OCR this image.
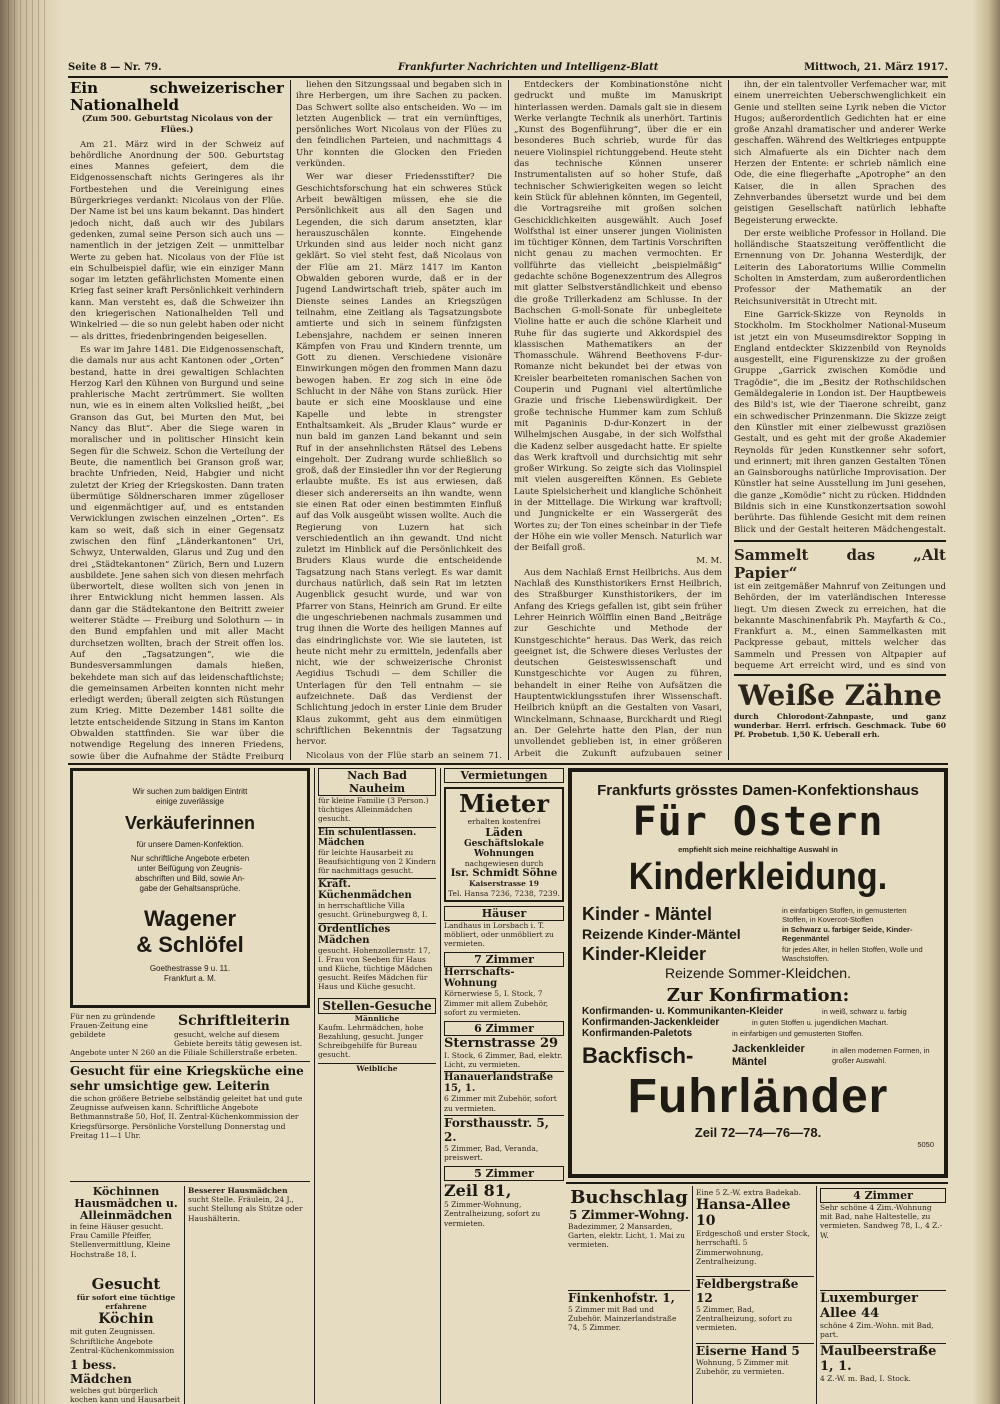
Seite 8 — Nr. 79.	Frankfurter Nachrichten und Intelligenz-Blatt	Mittwoch, 21. März 1917.
Ein schweizerischer Nationalheld
(Zum 500. Geburtstag Nicolaus von der Flües.)

Am 21. März wird in der Schweiz auf behördliche Anordnung der 500. Geburtstag eines Mannes gefeiert, dem die Eidgenossenschaft nichts Geringeres als ihr Fortbestehen und die Vereinigung eines Bürgerkrieges verdankt: Nicolaus von der Flüe. Der Name ist bei uns kaum bekannt. Das hindert jedoch nicht, daß auch wir des Jubilars gedenken, zumal seine Person sich auch uns — namentlich in der jetzigen Zeit — unmittelbar Werte zu geben hat. Nicolaus von der Flüe ist ein Schulbeispiel dafür, wie ein einziger Mann sogar im letzten gefährlichsten Momente einen Krieg fast seiner kraft Persönlichkeit verhindern kann. Man versteht es, daß die Schweizer ihn den kriegerischen Nationalhelden Tell und Winkelried — die so nun gelebt haben oder nicht — als drittes, friedenbringenden beigesellen.

Es war im Jahre 1481. Die Eidgenossenschaft, die damals nur aus acht Kantonen oder „Orten“ bestand, hatte in drei gewaltigen Schlachten Herzog Karl den Kühnen von Burgund und seine prahlerische Macht zertrümmert. Sie wollten nun, wie es in einem alten Volkslied heißt, „bei Granson das Gut, bei Murten den Mut, bei Nancy das Blut“. Aber die Siege waren in moralischer und in politischer Hinsicht kein Segen für die Schweiz. Schon die Verteilung der Beute, die namentlich bei Granson groß war, brachte Unfrieden, Neid, Habgier und nicht zuletzt der Krieg der Kriegskosten. Dann traten übermütige Söldnerscharen immer zügelloser und eigenmächtiger auf, und es entstanden Verwicklungen zwischen einzelnen „Orten“. Es kam so weit, daß sich in einer Gegensatz zwischen den fünf „Länderkantonen“ Uri, Schwyz, Unterwalden, Glarus und Zug und den drei „Städtekantonen“ Zürich, Bern und Luzern ausbildete. Jene sahen sich von diesen mehrfach überwortelt, diese wollten sich von jenen in ihrer Entwicklung nicht hemmen lassen. Als dann gar die Städtekantone den Beitritt zweier weiterer Städte — Freiburg und Solothurn — in den Bund empfahlen und mit aller Macht durchsetzen wollten, brach der Streit offen los. Auf den „Tagsatzungen“, wie die Bundesversammlungen damals hießen, bekehdete man sich auf das leidenschaftlichste; die gemeinsamen Arbeiten konnten nicht mehr erledigt werden; überall zeigten sich Rüstungen zum Krieg. Mitte Dezember 1481 sollte die letzte entscheidende Sitzung in Stans im Kanton Obwalden stattfinden. Sie war über die notwendige Regelung des inneren Friedens, sowie über die Aufnahme der Städte Freiburg

liehen den Sitzungssaal und begaben sich in ihre Herbergen, um ihre Sachen zu packen. Das Schwert sollte also entscheiden. Wo — im letzten Augenblick — trat ein vernünftiges, persönliches Wort Nicolaus von der Flües zu den feindlichen Parteien, und nachmittags 4 Uhr konnten die Glocken den Frieden verkünden.

Wer war dieser Friedensstifter? Die Geschichtsforschung hat ein schweres Stück Arbeit bewältigen müssen, ehe sie die Persönlichkeit aus all den Sagen und Legenden, die sich darum ansetzten, klar herauszuschälen konnte. Eingehende Urkunden sind aus leider noch nicht ganz geklärt. So viel steht fest, daß Nicolaus von der Flüe am 21. März 1417 im Kanton Obwalden geboren wurde, daß er in der Jugend Landwirtschaft trieb, später auch im Dienste seines Landes an Kriegszügen teilnahm, eine Zeitlang als Tagsatzungsbote amtierte und sich in seinem fünfzigsten Lebensjahre, nachdem er seinen inneren Kämpfen von Frau und Kindern trennte, um Gott zu dienen. Verschiedene visionäre Einwirkungen mögen den frommen Mann dazu bewogen haben. Er zog sich in eine öde Schlucht in der Nähe von Stans zurück. Hier baute er sich eine Moosklause und eine Kapelle und lebte in strengster Enthaltsamkeit. Als „Bruder Klaus“ wurde er nun bald im ganzen Land bekannt und sein Ruf in der ansehnlichsten Rätsel des Lebens eingeholt. Der Zudrang wurde schließlich so groß, daß der Einsiedler ihn vor der Regierung erlaubte mußte. Es ist aus erwiesen, daß dieser sich andererseits an ihn wandte, wenn sie einen Rat oder einen bestimmten Einfluß auf das Volk ausgeübt wissen wollte. Auch die Regierung von Luzern hat sich verschiedentlich an ihn gewandt. Und nicht zuletzt im Hinblick auf die Persönlichkeit des Bruders Klaus wurde die entscheidende Tagsatzung nach Stans verlegt. Es war damit durchaus natürlich, daß sein Rat im letzten Augenblick gesucht wurde, und war von Pfarrer von Stans, Heinrich am Grund. Er eilte die ungeschriebenen nachmals zusammen und trug ihnen die Worte des heiligen Mannes auf das eindringlichste vor. Wie sie lauteten, ist heute nicht mehr zu ermitteln, jedenfalls aber nicht, wie der schweizerische Chronist Aegidius Tschudi — dem Schiller die Unterlagen für den Tell entnahm — sie aufzeichnete. Daß das Verdienst der Schlichtung jedoch in erster Linie dem Bruder Klaus zukommt, geht aus dem einmütigen schriftlichen Bekenntnis der Tagsatzung hervor.

Nicolaus von der Flüe starb an seinem 71.

Entdeckers der Kombinationstöne nicht gedruckt und mußte im Manuskript hinterlassen werden. Damals galt sie in diesem Werke verlangte Technik als unerhört. Tartinis „Kunst des Bogenführung“, über die er ein besonderes Buch schrieb, wurde für das neuere Violinspiel richtunggebend. Heute steht das technische Können unserer Instrumentalisten auf so hoher Stufe, daß technischer Schwierigkeiten wegen so leicht kein Stück für ablehnen könnten, im Gegenteil, die Vortragsreihe mit großen solchen Geschicklichkeiten ausgewählt. Auch Josef Wolfsthal ist einer unserer jungen Violinisten im tüchtiger Können, dem Tartinis Vorschriften nicht genau zu machen vermochten. Er vollführte das vielleicht „beispielmäßig“ gedachte schöne Bogenexzentrum des Allegros mit glatter Selbstverständlichkeit und ebenso die große Trillerkadenz am Schlusse. In der Bachschen G-moll-Sonate für unbegleitete Violine hatte er auch die schöne Klarheit und Ruhe für das sugierte und Akkordspiel des klassischen Mathematikers an der Thomasschule. Während Beethovens F-dur-Romanze nicht bekundet bei der etwas von Kreisler bearbeiteten romanischen Sachen von Couperin und Pugnani viel altertümliche Grazie und frische Liebenswürdigkeit. Der große technische Hummer kam zum Schluß mit Paganinis D-dur-Konzert in der Wilhelmjschen Ausgabe, in der sich Wolfsthal die Kadenz selber ausgedacht hatte. Er spielte das Werk kraftvoll und durchsichtig mit sehr großer Wirkung. So zeigte sich das Violinspiel mit vielen ausgereiften Können. Es Gebiete Laute Spielsicherheit und klangliche Schönheit in der Mittellage. Die Wirkung war kraftvoll; und Jungnickelte er ein Wassergerät des Wortes zu; der Ton eines scheinbar in der Tiefe der Höhe ein wie voller Mensch. Naturlich war der Beifall groß.

M. M.

Aus dem Nachlaß Ernst Heilbrichs. Aus dem Nachlaß des Kunsthistorikers Ernst Heilbrich, des Straßburger Kunsthistorikers, der im Anfang des Kriegs gefallen ist, gibt sein früher Lehrer Heinrich Wölfflin einen Band „Beiträge zur Geschichte und Methode der Kunstgeschichte“ heraus. Das Werk, das reich geeignet ist, die Schwere dieses Verlustes der deutschen Geisteswissenschaft und Kunstgeschichte vor Augen zu führen, behandelt in einer Reihe von Aufsätzen die Hauptentwicklungsstufen ihrer Wissenschaft. Heilbrich knüpft an die Gestalten von Vasari, Winckelmann, Schnaase, Burckhardt und Riegl an. Der Gelehrte hatte den Plan, der nun unvollendet geblieben ist, in einer größeren Arbeit die Zukunft aufzubauen seiner

ihn, der ein talentvoller Verfemacher war, mit einem unerreichten Ueberschwenglichkeit ein Genie und stellten seine Lyrik neben die Victor Hugos; außerordentlich Gedichten hat er eine große Anzahl dramatischer und anderer Werke geschaffen. Während des Weltkrieges entpuppte sich Almafuerte als ein Dichter nach dem Herzen der Entente: er schrieb nämlich eine Ode, die eine fliegerhafte „Apotrophe“ an den Kaiser, die in allen Sprachen des Zehnverbandes übersetzt wurde und bei dem geistigen Gesellschaft natürlich lebhafte Begeisterung erweckte.

Der erste weibliche Professor in Holland. Die holländische Staatszeitung veröffentlicht die Ernennung von Dr. Johanna Westerdijk, der Leiterin des Laboratoriums Willie Commelin Scholten in Amsterdam, zum außerordentlichen Professor der Mathematik an der Reichsuniversität in Utrecht mit.

Eine Garrick-Skizze von Reynolds in Stockholm. Im Stockholmer National-Museum ist jetzt ein von Museumsdirektor Sopping in England entdeckter Skizzenbild von Reynolds ausgestellt, eine Figurenskizze zu der großen Gruppe „Garrick zwischen Komödie und Tragödie“, die im „Besitz der Rothschildschen Gemäldegalerie in London ist. Der Hauptbeweis des Bild's ist, wie der Tiaerone schreibt, ganz ein schwedischer Prinzenmann. Die Skizze zeigt den Künstler mit einer zielbewusst graziösen Gestalt, und es geht mit der große Akademier Reynolds für jeden Kunstkenner sehr sofort, und erinnert; mit ihren ganzen Gestalten Tönen an Gainsboroughs natürliche Improvisation. Der Künstler hat seine Ausstellung im Juni gesehen, die ganze „Komödie“ nicht zu rücken. Hiddnden Bildnis sich in eine Kunstkonzertsation sowohl berührte. Das fühlende Gesicht mit dem reinen Blick und der Gestalt heiteren Mädchengestalt.

Sammelt das „Alt Papier“
ist ein zeitgemäßer Mahnruf von Zeitungen und Behörden, der im vaterländischen Interesse liegt. Um diesen Zweck zu erreichen, hat die bekannte Maschinenfabrik Ph. Mayfarth & Co., Frankfurt a. M., einen Sammelkasten mit Packpresse gebaut, mittels welcher das Sammeln und Pressen von Altpapier auf bequeme Art erreicht wird, und es sind von
Weiße Zähne
durch Chlorodont-Zahnpaste, und ganz wunderbar. Herrl. erfrisch. Geschmack. Tube 60 Pf. Probetub. 1,50 K. Ueberall erh.
Wir suchen zum baldigen Eintritt
einige zuverlässige
Verkäuferinnen
für unsere Damen-Konfektion.
Nur schriftliche Angebote erbeten
unter Beifügung von Zeugnis-
abschriften und Bild, sowie An-
gabe der Gehaltsansprüche.
Wagener
& Schlöfel
Goethestrasse 9 u. 11.
Frankfurt a. M.
Für nen zu gründende Frauen-Zeitung eine gebildete
Schriftleiterin
gesucht, welche auf diesem Gebiete bereits tätig gewesen ist. Angebote unter N 260 an die Filiale Schillerstraße erbeten.
Gesucht für eine Kriegsküche eine sehr umsichtige gew. Leiterin
die schon größere Betriebe selbständig geleitet hat und gute Zeugnisse aufweisen kann. Schriftliche Angebote Bethmannstraße 50, Hof, II. Zentral-Küchenkommission der Kriegsfürsorge. Persönliche Vorstellung Donnerstag und Freitag 11—1 Uhr.
Köchinnen
Hausmädchen u.
Alleinmädchen
in feine Häuser gesucht. Frau Camille Pfeiffer, Stellenvermittlung, Kleine Hochstraße 18, I.
Gesucht
für sofort eine tüchtige erfahrene
Köchin
mit guten Zeugnissen. Schriftliche Angebote Zentral-Küchenkommission
1 bess. Mädchen
welches gut bürgerlich kochen kann und Hausarbeit
Besserer Hausmädchen
sucht Stelle. Fräulein, 24 J., sucht Stellung als Stütze oder Haushälterin.
Nach Bad Nauheim
für kleine Familie (3 Person.) tüchtiges Alleinmädchen gesucht.
Ein schulentlassen. Mädchen
für leichte Hausarbeit zu Beaufsichtigung von 2 Kindern für nachmittags gesucht.
Kräft. Küchenmädchen
in herrschaftliche Villa gesucht. Grüneburgweg 8, I.
Ordentliches Mädchen
gesucht. Hohenzollernstr. 17, I. Frau von Seeben für Haus und Küche, tüchtige Mädchen gesucht. Reifes Mädchen für Haus und Küche gesucht.
Stellen-Gesuche
Männliche
Kaufm. Lehrmädchen, hohe Bezahlung, gesucht. Junger Schreibgehilfe für Bureau gesucht.
Weibliche
Vermietungen
Mieter
erhalten kostenfrei
Läden
Geschäftslokale
Wohnungen
nachgewiesen durch
Isr. Schmidt Söhne
Kaiserstrasse 19
Tel. Hansa 7236, 7238, 7239.
Häuser
Landhaus in Lorsbach i. T. möbliert, oder unmöbliert zu vermieten.
7 Zimmer
Herrschafts-Wohnung
Körnerwiese 5, I. Stock, 7 Zimmer mit allem Zubehör, sofort zu vermieten.
6 Zimmer
Sternstrasse 29
I. Stock, 6 Zimmer, Bad, elektr. Licht, zu vermieten.
Hanauerlandstraße 15, 1.
6 Zimmer mit Zubehör, sofort zu vermieten.
Forsthausstr. 5, 2.
5 Zimmer, Bad, Veranda, preiswert.
5 Zimmer
Zeil 81,
5 Zimmer-Wohnung, Zentralheizung, sofort zu vermieten.
Frankfurts grösstes Damen-Konfektionshaus
Für Ostern
empfiehlt sich meine reichhaltige Auswahl in
Kinderkleidung.
Kinder - Mäntel	in einfarbigen Stoffen, in gemusterten Stoffen, in Kovercot-Stoffen
Reizende Kinder-Mäntel	in Schwarz u. farbiger Seide, Kinder-Regenmäntel
Kinder-Kleider	für jedes Alter, in hellen Stoffen, Wolle und Waschstoffen.
Reizende Sommer-Kleidchen.
Zur Konfirmation:
Konfirmanden- u. Kommunikanten-Kleider	in weiß, schwarz u. farbig
Konfirmanden-Jackenkleider	in guten Stoffen u. jugendlichen Machart.
Konfirmanden-Paletots	in einfarbigen und gemusterten Stoffen.
Backfisch-	Jackenkleider
Mäntel
in allen modernen Formen, in großer Auswahl.
Fuhrländer
Zeil 72—74—76—78.
5050
Buchschlag
5 Zimmer-Wohng.
Badezimmer, 2 Mansarden, Garten, elektr. Licht, 1. Mai zu vermieten.
Finkenhofstr. 1,
5 Zimmer mit Bad und Zubehör. Mainzerlandstraße 74, 5 Zimmer.
Eine 5 Z.-W. extra Badekab.
Hansa-Allee 10
Erdgeschoß und erster Stock, herrschaftl. 5 Zimmerwohnung, Zentralheizung.
Feldbergstraße 12
5 Zimmer, Bad, Zentralheizung, sofort zu vermieten.
Eiserne Hand 5
Wohnung, 5 Zimmer mit Zubehör, zu vermieten.
4 Zimmer
Sehr schöne 4 Zim.-Wohnung mit Bad, nahe Haltestelle, zu vermieten. Sandweg 78, I., 4 Z.-W.
Luxemburger Allee 44
schöne 4 Zim.-Wohn. mit Bad, part.
Maulbeerstraße 1, 1.
4 Z.-W. m. Bad, I. Stock.
